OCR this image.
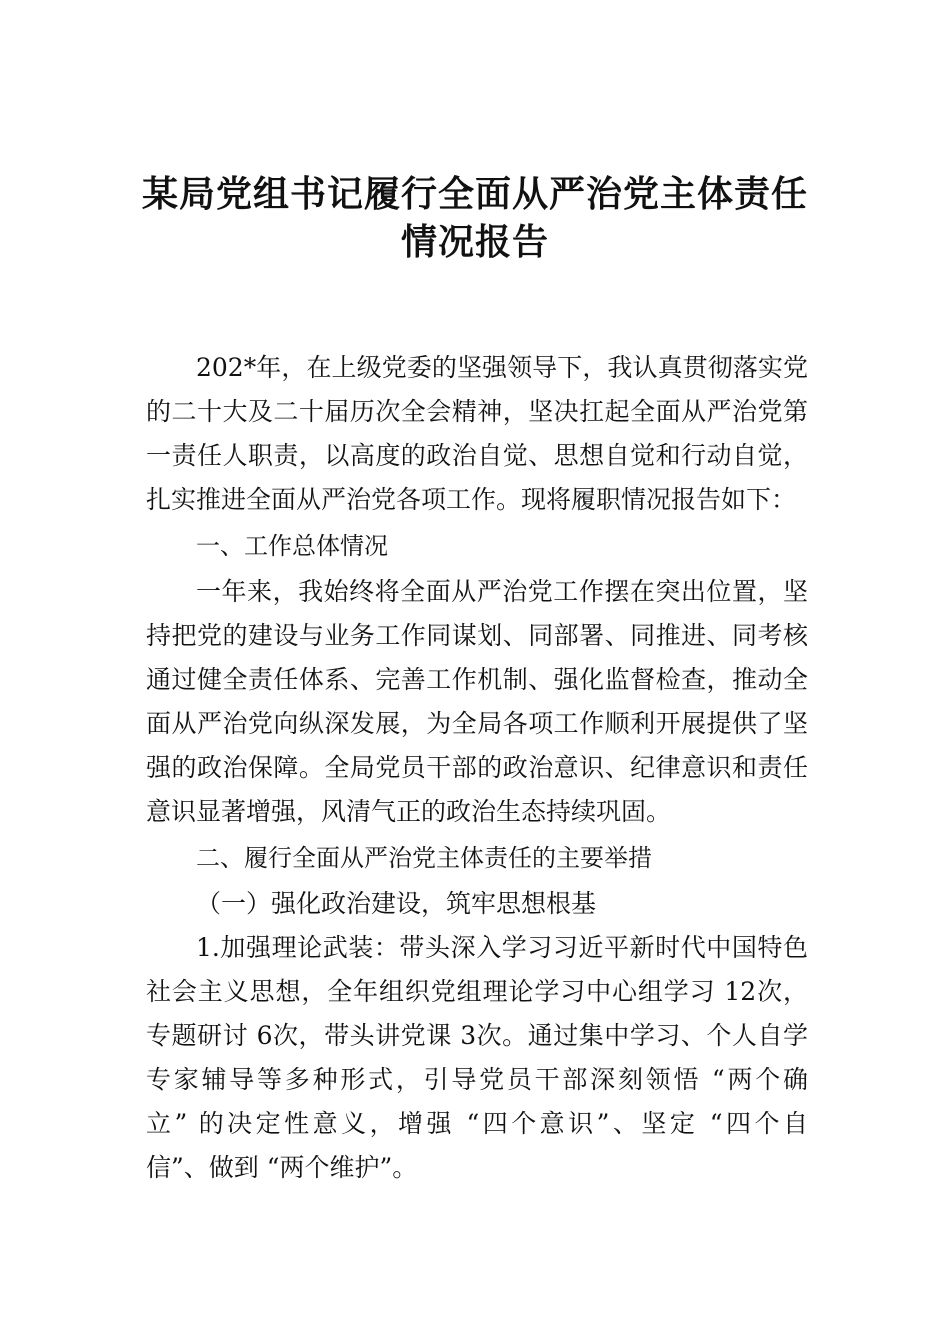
某局党组书记履行全面从严治党主体责任
情况报告

202*年，在上级党委的坚强领导下，我认真贯彻落实党

的二十大及二十届历次全会精神，坚决扛起全面从严治党第

一责任人职责，以高度的政治自觉、思想自觉和行动自觉，

扎实推进全面从严治党各项工作。现将履职情况报告如下：

一、工作总体情况

一年来，我始终将全面从严治党工作摆在突出位置，坚

持把党的建设与业务工作同谋划、同部署、同推进、同考核

通过健全责任体系、完善工作机制、强化监督检查，推动全

面从严治党向纵深发展，为全局各项工作顺利开展提供了坚

强的政治保障。全局党员干部的政治意识、纪律意识和责任

意识显著增强，风清气正的政治生态持续巩固。

二、履行全面从严治党主体责任的主要举措

（一）强化政治建设，筑牢思想根基

1.加强理论武装：带头深入学习习近平新时代中国特色

社会主义思想，全年组织党组理论学习中心组学习 12次，

专题研讨 6次，带头讲党课 3次。通过集中学习、个人自学

专家辅导等多种形式，引导党员干部深刻领悟 “两个确

立” 的决定性意义，增强 “四个意识”、坚定 “四个自

信”、做到 “两个维护”。
